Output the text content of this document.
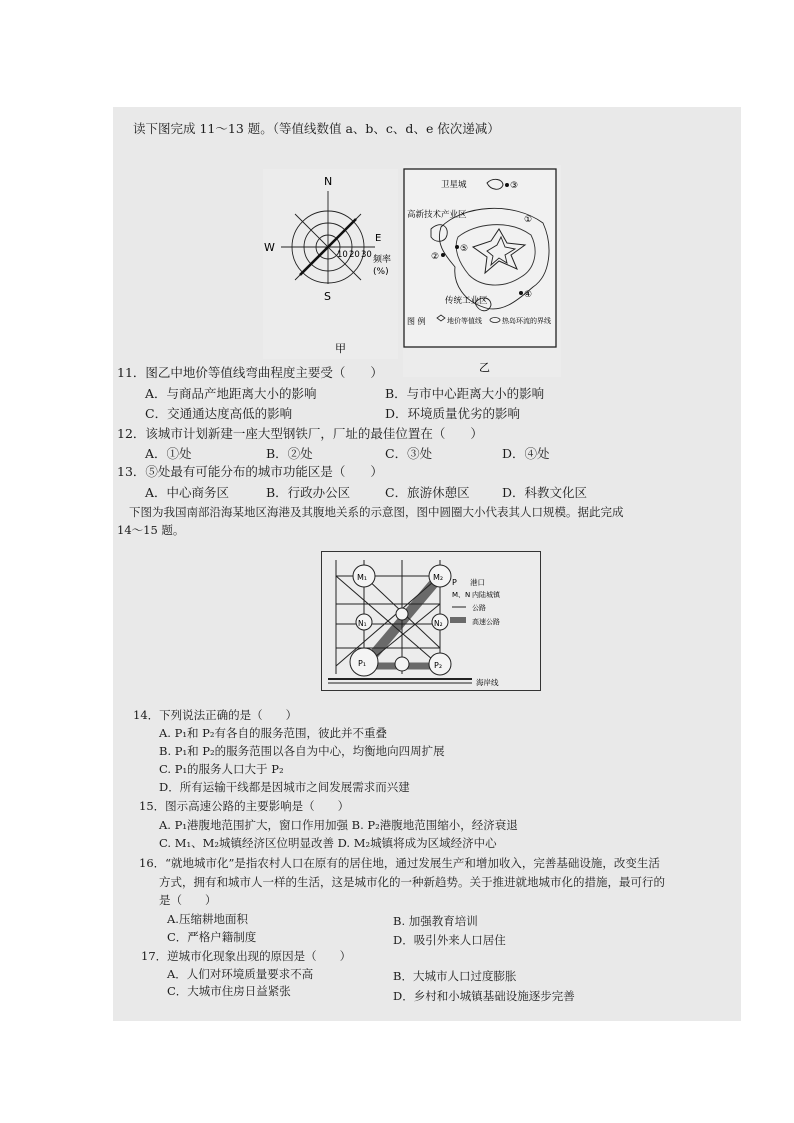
读下图完成 11～13 题。（等值线数值 a、b、c、d、e 依次递减）
N
S
W
E
10 20 30 频率
(%)
甲
卫星城
高新技术产业区
传统工业区
①
②
③
④
⑤
图 例	地价等值线	热岛环流的界线
乙
11．图乙中地价等值线弯曲程度主要受（　　）
A．与商品产地距离大小的影响	B．与市中心距离大小的影响
C．交通通达度高低的影响	D．环境质量优劣的影响
12．该城市计划新建一座大型钢铁厂，厂址的最佳位置在（　　）
A．①处	B．②处	C．③处	D．④处
13．⑤处最有可能分布的城市功能区是（　　）
A．中心商务区	B．行政办公区	C．旅游休憩区	D．科教文化区
下图为我国南部沿海某地区海港及其腹地关系的示意图，图中圆圈大小代表其人口规模。据此完成
14～15 题。
M₁	M₂
N₁	N₂
P₁	P₂
P 港口
M、N 内陆城镇
公路
高速公路
海岸线
14．下列说法正确的是（　　）
A. P₁和 P₂有各自的服务范围，彼此并不重叠
B. P₁和 P₂的服务范围以各自为中心，均衡地向四周扩展
C. P₁的服务人口大于 P₂
D．所有运输干线都是因城市之间发展需求而兴建
15．图示高速公路的主要影响是（　　）
A. P₁港腹地范围扩大，窗口作用加强 B. P₂港腹地范围缩小，经济衰退
C. M₁、M₂城镇经济区位明显改善 D. M₂城镇将成为区域经济中心
16．“就地城市化”是指农村人口在原有的居住地，通过发展生产和增加收入，完善基础设施，改变生活
方式，拥有和城市人一样的生活，这是城市化的一种新趋势。关于推进就地城市化的措施，最可行的
是（　　）
A.压缩耕地面积	B. 加强教育培训
C．严格户籍制度	D．吸引外来人口居住
17．逆城市化现象出现的原因是（　　）
A．人们对环境质量要求不高	B．大城市人口过度膨胀
C．大城市住房日益紧张	D．乡村和小城镇基础设施逐步完善
